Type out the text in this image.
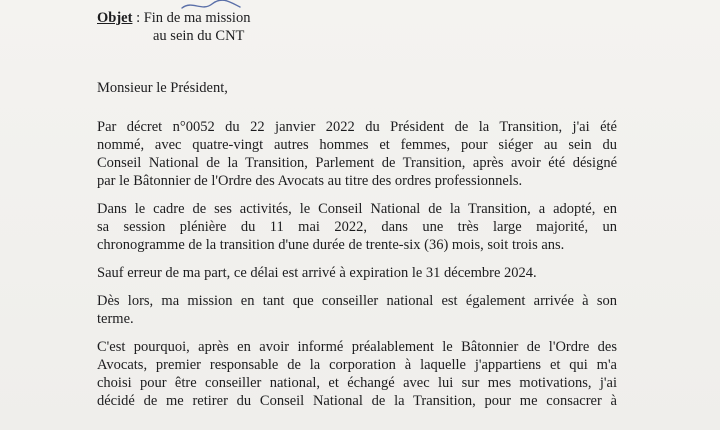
Objet : Fin de ma mission
au sein du CNT
Monsieur le Président,

Par décret n°0052 du 22 janvier 2022 du Président de la Transition, j'ai été
nommé, avec quatre-vingt autres hommes et femmes, pour siéger au sein du
Conseil National de la Transition, Parlement de Transition, après avoir été désigné
par le Bâtonnier de l'Ordre des Avocats au titre des ordres professionnels.

Dans le cadre de ses activités, le Conseil National de la Transition, a adopté, en
sa session plénière du 11 mai 2022, dans une très large majorité, un
chronogramme de la transition d'une durée de trente-six (36) mois, soit trois ans.

Sauf erreur de ma part, ce délai est arrivé à expiration le 31 décembre 2024.

Dès lors, ma mission en tant que conseiller national est également arrivée à son
terme.

C'est pourquoi, après en avoir informé préalablement le Bâtonnier de l'Ordre des
Avocats, premier responsable de la corporation à laquelle j'appartiens et qui m'a
choisi pour être conseiller national, et échangé avec lui sur mes motivations, j'ai
décidé de me retirer du Conseil National de la Transition, pour me consacrer à
